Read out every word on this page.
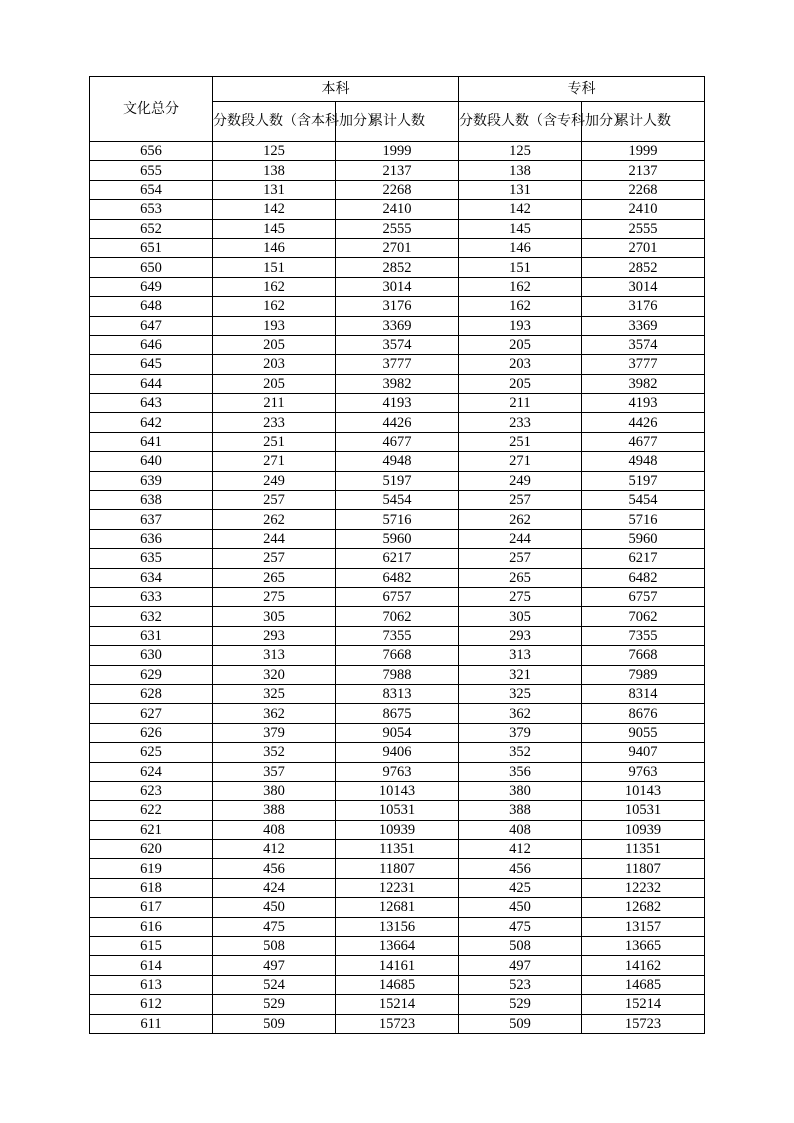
文化总分	本科		专科	
	分数段人数（含本科加分）	累计人数	分数段人数（含专科加分）	累计人数
656	125	1999	125	1999
655	138	2137	138	2137
654	131	2268	131	2268
653	142	2410	142	2410
652	145	2555	145	2555
651	146	2701	146	2701
650	151	2852	151	2852
649	162	3014	162	3014
648	162	3176	162	3176
647	193	3369	193	3369
646	205	3574	205	3574
645	203	3777	203	3777
644	205	3982	205	3982
643	211	4193	211	4193
642	233	4426	233	4426
641	251	4677	251	4677
640	271	4948	271	4948
639	249	5197	249	5197
638	257	5454	257	5454
637	262	5716	262	5716
636	244	5960	244	5960
635	257	6217	257	6217
634	265	6482	265	6482
633	275	6757	275	6757
632	305	7062	305	7062
631	293	7355	293	7355
630	313	7668	313	7668
629	320	7988	321	7989
628	325	8313	325	8314
627	362	8675	362	8676
626	379	9054	379	9055
625	352	9406	352	9407
624	357	9763	356	9763
623	380	10143	380	10143
622	388	10531	388	10531
621	408	10939	408	10939
620	412	11351	412	11351
619	456	11807	456	11807
618	424	12231	425	12232
617	450	12681	450	12682
616	475	13156	475	13157
615	508	13664	508	13665
614	497	14161	497	14162
613	524	14685	523	14685
612	529	15214	529	15214
611	509	15723	509	15723
